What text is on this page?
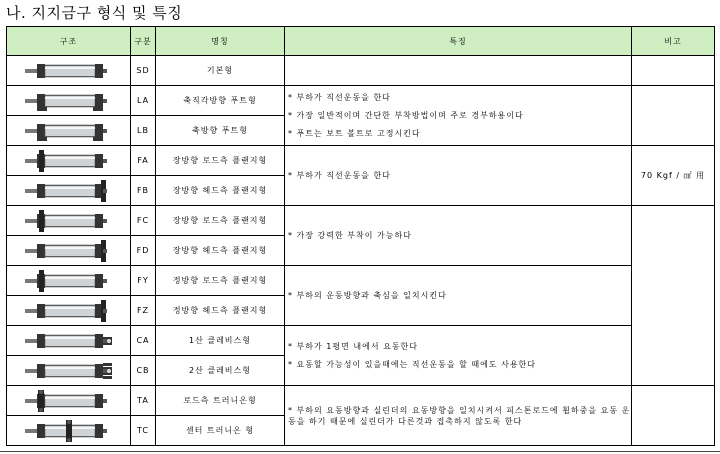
나. 지지금구 형식 및 특징
구조	구분	명칭	특징	비고
	SD	기본형		
	LA	축직각방향 푸트형	* 부하가 직선운동을 한다
* 가장 일반적이며 간단한 부착방법이며 주로 경부하용이다
* 푸트는 보트 볼트로 고정시킨다	

	LB	축방향 푸트형		
	FA	장방향 로드측 플랜지형	* 부하가 직선운동을 한다	70 Kgf / ㎠ 用
	FB	장방향 헤드측 플랜지형		
	FC	장방향 로드측 플랜지형	* 가장 강력한 부착이 가능하다	

	FD	장방향 헤드측 플랜지형		
	FY	정방향 로드측 플랜지형	* 부하의 운동방향과 축심을 일치시킨다	

	FZ	정방향 헤드측 플랜지형		
	CA	1산 클레비스형	* 부하가 1평면 내에서 요동한다
* 요동할 가능성이 있을때에는 직선운동을 할 때에도 사용한다	

	CB	2산 클레비스형		
	TA	로드측 트러니온형	* 부하의 요동방향과 실린더의 요동방향을 일치시켜서 피스톤로드에 휨하중을 요동 운동을 하기 때문에 실린더가 다른것과 접촉하지 않도록 한다	

	TC	센터 트러니온 형		
